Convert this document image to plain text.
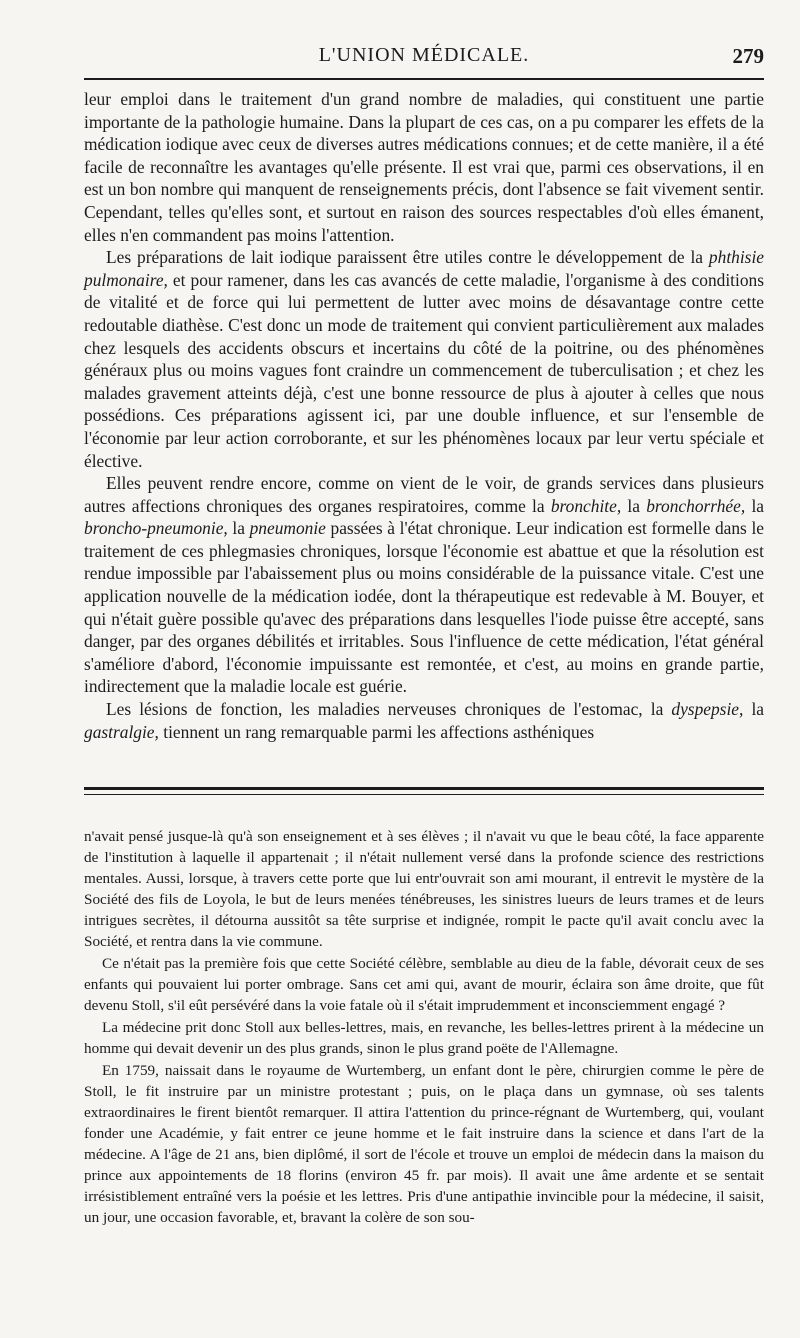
L'UNION MÉDICALE.	279

leur emploi dans le traitement d'un grand nombre de maladies, qui constituent une partie importante de la pathologie humaine. Dans la plupart de ces cas, on a pu comparer les effets de la médication iodique avec ceux de diverses autres médications connues; et de cette manière, il a été facile de reconnaître les avantages qu'elle présente. Il est vrai que, parmi ces observations, il en est un bon nombre qui manquent de renseignements précis, dont l'absence se fait vivement sentir. Cependant, telles qu'elles sont, et surtout en raison des sources respectables d'où elles émanent, elles n'en commandent pas moins l'attention.

Les préparations de lait iodique paraissent être utiles contre le développement de la phthisie pulmonaire, et pour ramener, dans les cas avancés de cette maladie, l'organisme à des conditions de vitalité et de force qui lui permettent de lutter avec moins de désavantage contre cette redoutable diathèse. C'est donc un mode de traitement qui convient particulièrement aux malades chez lesquels des accidents obscurs et incertains du côté de la poitrine, ou des phénomènes généraux plus ou moins vagues font craindre un commencement de tuberculisation ; et chez les malades gravement atteints déjà, c'est une bonne ressource de plus à ajouter à celles que nous possédions. Ces préparations agissent ici, par une double influence, et sur l'ensemble de l'économie par leur action corroborante, et sur les phénomènes locaux par leur vertu spéciale et élective.

Elles peuvent rendre encore, comme on vient de le voir, de grands services dans plusieurs autres affections chroniques des organes respiratoires, comme la bronchite, la bronchorrhée, la broncho-pneumonie, la pneumonie passées à l'état chronique. Leur indication est formelle dans le traitement de ces phlegmasies chroniques, lorsque l'économie est abattue et que la résolution est rendue impossible par l'abaissement plus ou moins considérable de la puissance vitale. C'est une application nouvelle de la médication iodée, dont la thérapeutique est redevable à M. Bouyer, et qui n'était guère possible qu'avec des préparations dans lesquelles l'iode puisse être accepté, sans danger, par des organes débilités et irritables. Sous l'influence de cette médication, l'état général s'améliore d'abord, l'économie impuissante est remontée, et c'est, au moins en grande partie, indirectement que la maladie locale est guérie.

Les lésions de fonction, les maladies nerveuses chroniques de l'estomac, la dyspepsie, la gastralgie, tiennent un rang remarquable parmi les affections asthéniques

n'avait pensé jusque-là qu'à son enseignement et à ses élèves ; il n'avait vu que le beau côté, la face apparente de l'institution à laquelle il appartenait ; il n'était nullement versé dans la profonde science des restrictions mentales. Aussi, lorsque, à travers cette porte que lui entr'ouvrait son ami mourant, il entrevit le mystère de la Société des fils de Loyola, le but de leurs menées ténébreuses, les sinistres lueurs de leurs trames et de leurs intrigues secrètes, il détourna aussitôt sa tête surprise et indignée, rompit le pacte qu'il avait conclu avec la Société, et rentra dans la vie commune.

Ce n'était pas la première fois que cette Société célèbre, semblable au dieu de la fable, dévorait ceux de ses enfants qui pouvaient lui porter ombrage. Sans cet ami qui, avant de mourir, éclaira son âme droite, que fût devenu Stoll, s'il eût persévéré dans la voie fatale où il s'était imprudemment et inconsciemment engagé ?

La médecine prit donc Stoll aux belles-lettres, mais, en revanche, les belles-lettres prirent à la médecine un homme qui devait devenir un des plus grands, sinon le plus grand poëte de l'Allemagne.

En 1759, naissait dans le royaume de Wurtemberg, un enfant dont le père, chirurgien comme le père de Stoll, le fit instruire par un ministre protestant ; puis, on le plaça dans un gymnase, où ses talents extraordinaires le firent bientôt remarquer. Il attira l'attention du prince-régnant de Wurtemberg, qui, voulant fonder une Académie, y fait entrer ce jeune homme et le fait instruire dans la science et dans l'art de la médecine. A l'âge de 21 ans, bien diplômé, il sort de l'école et trouve un emploi de médecin dans la maison du prince aux appointements de 18 florins (environ 45 fr. par mois). Il avait une âme ardente et se sentait irrésistiblement entraîné vers la poésie et les lettres. Pris d'une antipathie invincible pour la médecine, il saisit, un jour, une occasion favorable, et, bravant la colère de son sou-
